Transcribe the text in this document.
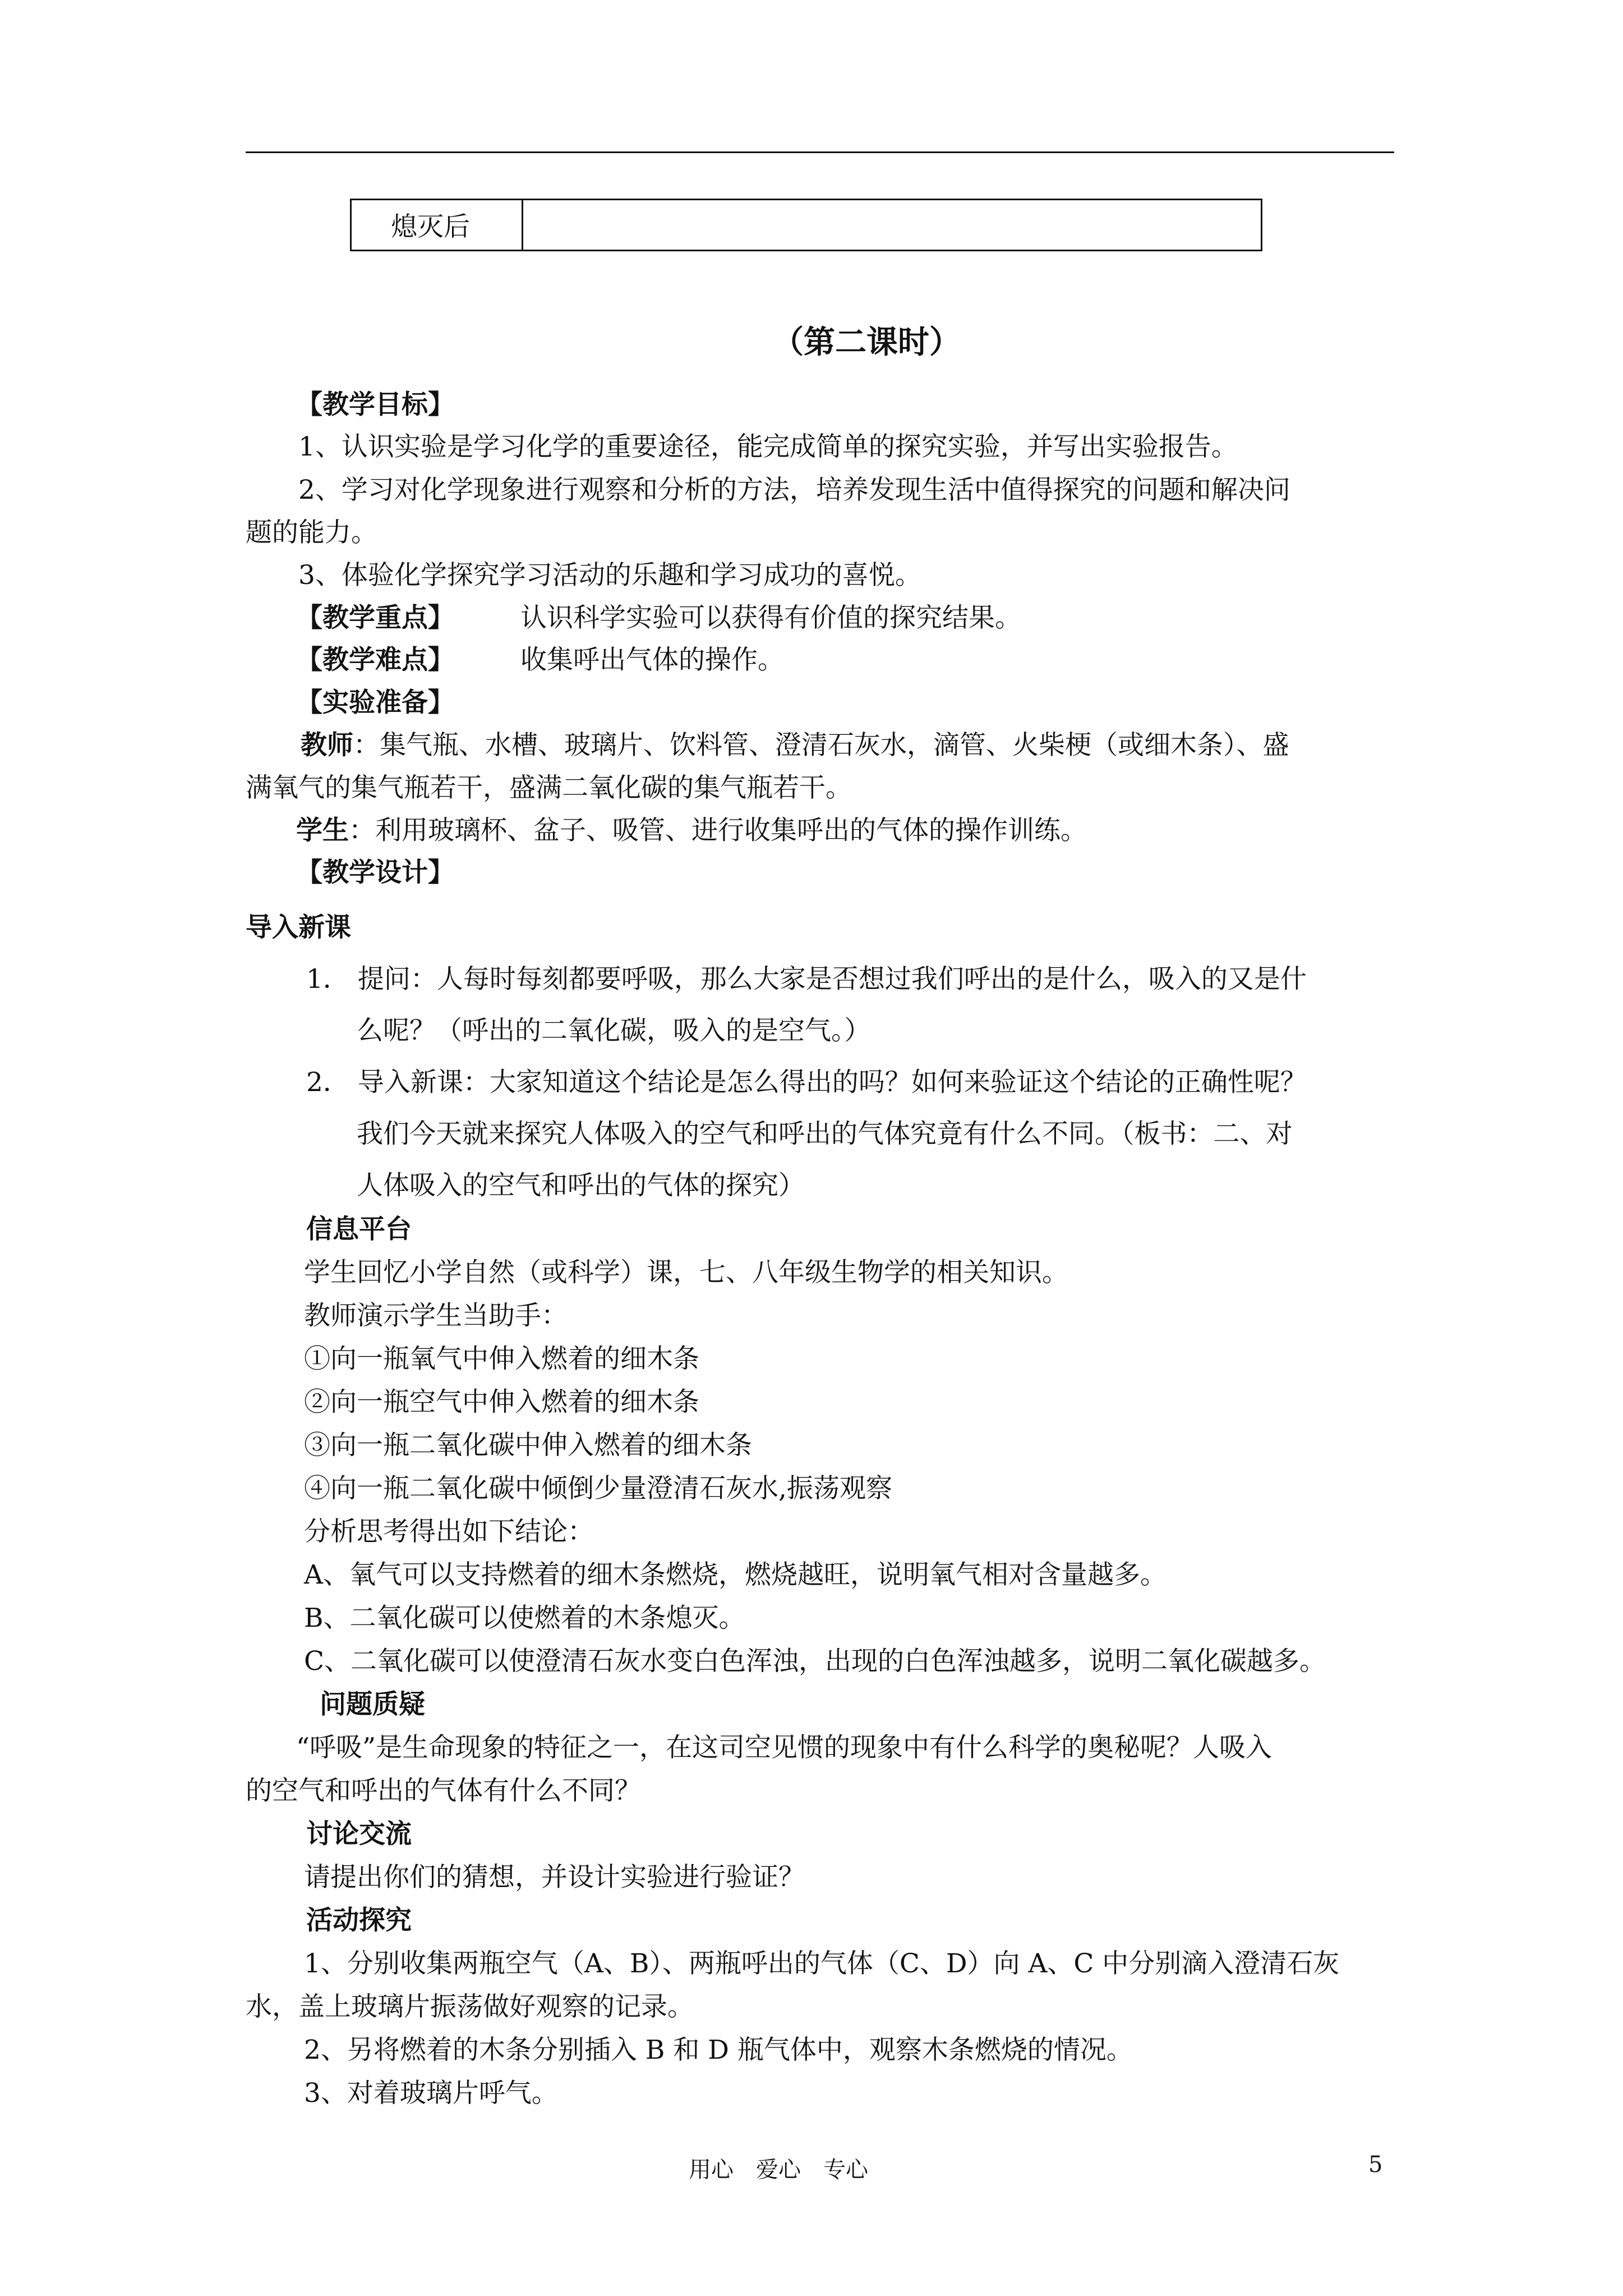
熄灭后
（第二课时）
【教学目标】
1、认识实验是学习化学的重要途径，能完成简单的探究实验，并写出实验报告。
2、学习对化学现象进行观察和分析的方法，培养发现生活中值得探究的问题和解决问
题的能力。
3、体验化学探究学习活动的乐趣和学习成功的喜悦。
【教学重点】	认识科学实验可以获得有价值的探究结果。
【教学难点】	收集呼出气体的操作。
【实验准备】
教师：集气瓶、水槽、玻璃片、饮料管、澄清石灰水，滴管、火柴梗（或细木条）、盛
满氧气的集气瓶若干，盛满二氧化碳的集气瓶若干。
学生：利用玻璃杯、盆子、吸管、进行收集呼出的气体的操作训练。
【教学设计】
导入新课
1． 提问：人每时每刻都要呼吸，那么大家是否想过我们呼出的是什么，吸入的又是什
么呢？（呼出的二氧化碳，吸入的是空气。）
2． 导入新课：大家知道这个结论是怎么得出的吗？如何来验证这个结论的正确性呢？
我们今天就来探究人体吸入的空气和呼出的气体究竟有什么不同。（板书：二、对
人体吸入的空气和呼出的气体的探究）
信息平台
学生回忆小学自然（或科学）课，七、八年级生物学的相关知识。
教师演示学生当助手：
①向一瓶氧气中伸入燃着的细木条
②向一瓶空气中伸入燃着的细木条
③向一瓶二氧化碳中伸入燃着的细木条
④向一瓶二氧化碳中倾倒少量澄清石灰水,振荡观察
分析思考得出如下结论：
A、氧气可以支持燃着的细木条燃烧，燃烧越旺，说明氧气相对含量越多。
B、二氧化碳可以使燃着的木条熄灭。
C、二氧化碳可以使澄清石灰水变白色浑浊，出现的白色浑浊越多，说明二氧化碳越多。
问题质疑
“呼吸”是生命现象的特征之一，在这司空见惯的现象中有什么科学的奥秘呢？人吸入
的空气和呼出的气体有什么不同？
讨论交流
请提出你们的猜想，并设计实验进行验证？
活动探究
1、分别收集两瓶空气（A、B）、两瓶呼出的气体（C、D）向 A、C 中分别滴入澄清石灰
水，盖上玻璃片振荡做好观察的记录。
2、另将燃着的木条分别插入 B 和 D 瓶气体中，观察木条燃烧的情况。
3、对着玻璃片呼气。
用心　爱心　专心	5
